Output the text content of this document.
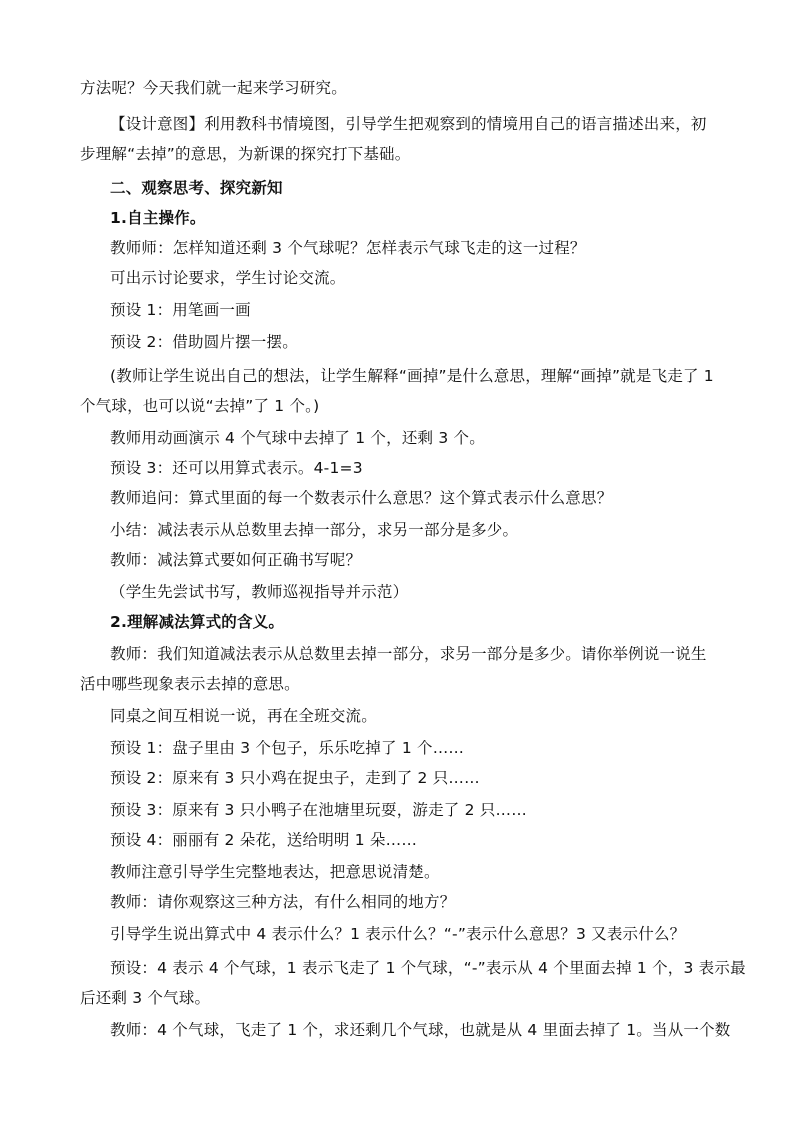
方法呢？今天我们就一起来学习研究。
【设计意图】利用教科书情境图，引导学生把观察到的情境用自己的语言描述出来，初
步理解“去掉”的意思，为新课的探究打下基础。
二、观察思考、探究新知
1.自主操作。
教师师：怎样知道还剩 3 个气球呢？怎样表示气球飞走的这一过程？
可出示讨论要求，学生讨论交流。
预设 1：用笔画一画
预设 2：借助圆片摆一摆。
(教师让学生说出自己的想法，让学生解释“画掉”是什么意思，理解“画掉”就是飞走了 1
个气球，也可以说“去掉”了 1 个。)
教师用动画演示 4 个气球中去掉了 1 个，还剩 3 个。
预设 3：还可以用算式表示。4-1=3
教师追问：算式里面的每一个数表示什么意思？这个算式表示什么意思？
小结：减法表示从总数里去掉一部分，求另一部分是多少。
教师：减法算式要如何正确书写呢？
（学生先尝试书写，教师巡视指导并示范）
2.理解减法算式的含义。
教师：我们知道减法表示从总数里去掉一部分，求另一部分是多少。请你举例说一说生
活中哪些现象表示去掉的意思。
同桌之间互相说一说，再在全班交流。
预设 1：盘子里由 3 个包子，乐乐吃掉了 1 个……
预设 2：原来有 3 只小鸡在捉虫子，走到了 2 只……
预设 3：原来有 3 只小鸭子在池塘里玩耍，游走了 2 只……
预设 4：丽丽有 2 朵花，送给明明 1 朵……
教师注意引导学生完整地表达，把意思说清楚。
教师：请你观察这三种方法，有什么相同的地方？
引导学生说出算式中 4 表示什么？1 表示什么？“-”表示什么意思？3 又表示什么？
预设：4 表示 4 个气球，1 表示飞走了 1 个气球，“-”表示从 4 个里面去掉 1 个，3 表示最
后还剩 3 个气球。
教师：4 个气球，飞走了 1 个，求还剩几个气球，也就是从 4 里面去掉了 1。当从一个数
